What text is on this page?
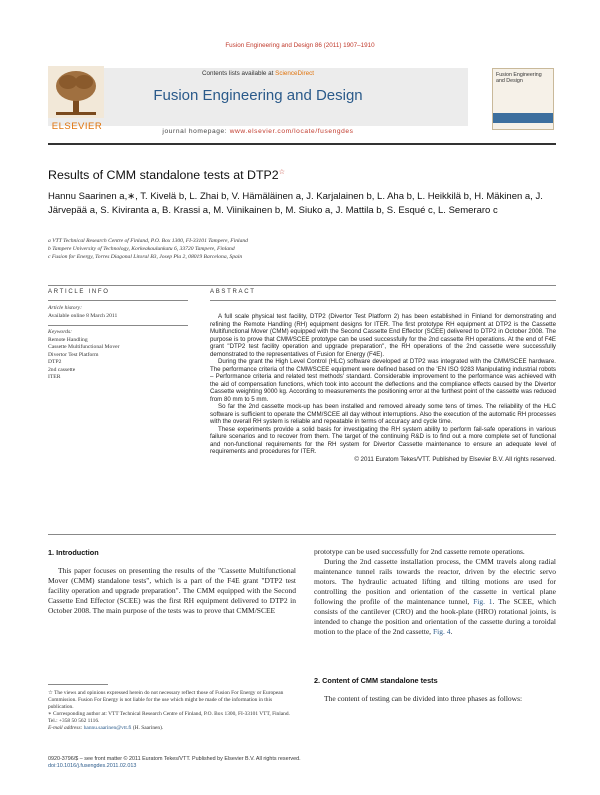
Fusion Engineering and Design 86 (2011) 1907–1910
Contents lists available at ScienceDirect
Fusion Engineering and Design
journal homepage: www.elsevier.com/locate/fusengdes
ELSEVIER
Fusion Engineering and Design
Results of CMM standalone tests at DTP2☆
Hannu Saarinen a,∗, T. Kivelä b, L. Zhai b, V. Hämäläinen a, J. Karjalainen b, L. Aha b, L. Heikkilä b, H. Mäkinen a, J. Järvepää a, S. Kiviranta a, B. Krassi a, M. Viinikainen b, M. Siuko a, J. Mattila b, S. Esqué c, L. Semeraro c
a VTT Technical Research Centre of Finland, P.O. Box 1300, FI-33101 Tampere, Finland
b Tampere University of Technology, Korkeakoulunkatu 6, 33720 Tampere, Finland
c Fusion for Energy, Torres Diagonal Litoral B3, Josep Pla 2, 08019 Barcelona, Spain
ARTICLE INFO	ABSTRACT
Article history:
Available online 8 March 2011
Keywords:
Remote Handling
Cassette Multifunctional Mover
Divertor Test Platform
DTP2
2nd cassette
ITER

A full scale physical test facility, DTP2 (Divertor Test Platform 2) has been established in Finland for demonstrating and refining the Remote Handling (RH) equipment designs for ITER. The first prototype RH equipment at DTP2 is the Cassette Multifunctional Mover (CMM) equipped with the Second Cassette End Effector (SCEE) delivered to DTP2 in October 2008. The purpose is to prove that CMM/SCEE prototype can be used successfully for the 2nd cassette RH operations. At the end of F4E grant "DTP2 test facility operation and upgrade preparation", the RH operations of the 2nd cassette were successfully demonstrated to the representatives of Fusion for Energy (F4E).

During the grant the High Level Control (HLC) software developed at DTP2 was integrated with the CMM/SCEE hardware. The performance criteria of the CMM/SCEE equipment were defined based on the 'EN ISO 9283 Manipulating industrial robots – Performance criteria and related test methods' standard. Considerable improvement to the performance was achieved with the aid of compensation functions, which took into account the deflections and the compliance effects caused by the Divertor Cassette weighting 9000 kg. According to measurements the positioning error at the furthest point of the cassette was reduced from 80 mm to 5 mm.

So far the 2nd cassette mock-up has been installed and removed already some tens of times. The reliability of the HLC software is sufficient to operate the CMM/SCEE all day without interruptions. Also the execution of the automatic RH processes with the overall RH system is reliable and repeatable in terms of accuracy and cycle time.

These experiments provide a solid basis for investigating the RH system ability to perform fail-safe operations in various failure scenarios and to recover from them. The target of the continuing R&D is to find out a more complete set of functional and non-functional requirements for the RH system for Divertor Cassette maintenance to ensure an adequate level of requirements and procedures for ITER.

© 2011 Euratom Tekes/VTT. Published by Elsevier B.V. All rights reserved.

1. Introduction

This paper focuses on presenting the results of the "Cassette Multifunctional Mover (CMM) standalone tests", which is a part of the F4E grant "DTP2 test facility operation and upgrade preparation". The CMM equipped with the Second Cassette End Effector (SCEE) was the first RH equipment delivered to DTP2 in October 2008. The main purpose of the tests was to prove that CMM/SCEE

☆ The views and opinions expressed herein do not necessary reflect those of Fusion For Energy or European Commission. Fusion For Energy is not liable for the use which might be made of the information in this publication.
∗ Corresponding author at: VTT Technical Research Centre of Finland, P.O. Box 1300, FI-33101 VTT, Finland. Tel.: +358 50 562 1116.
E-mail address: hannu.saarinen@vtt.fi (H. Saarinen).

prototype can be used successfully for 2nd cassette remote operations.

During the 2nd cassette installation process, the CMM travels along radial maintenance tunnel rails towards the reactor, driven by the electric servo motors. The hydraulic actuated lifting and tilting motions are used for controlling the position and orientation of the cassette in vertical plane following the profile of the maintenance tunnel, Fig. 1. The SCEE, which consists of the cantilever (CRO) and the hook-plate (HRO) rotational joints, is intended to change the position and orientation of the cassette during a toroidal motion to the place of the 2nd cassette, Fig. 4.

2. Content of CMM standalone tests

The content of testing can be divided into three phases as follows:

0920-3796/$ – see front matter © 2011 Euratom Tekes/VTT. Published by Elsevier B.V. All rights reserved.
doi:10.1016/j.fusengdes.2011.02.013
